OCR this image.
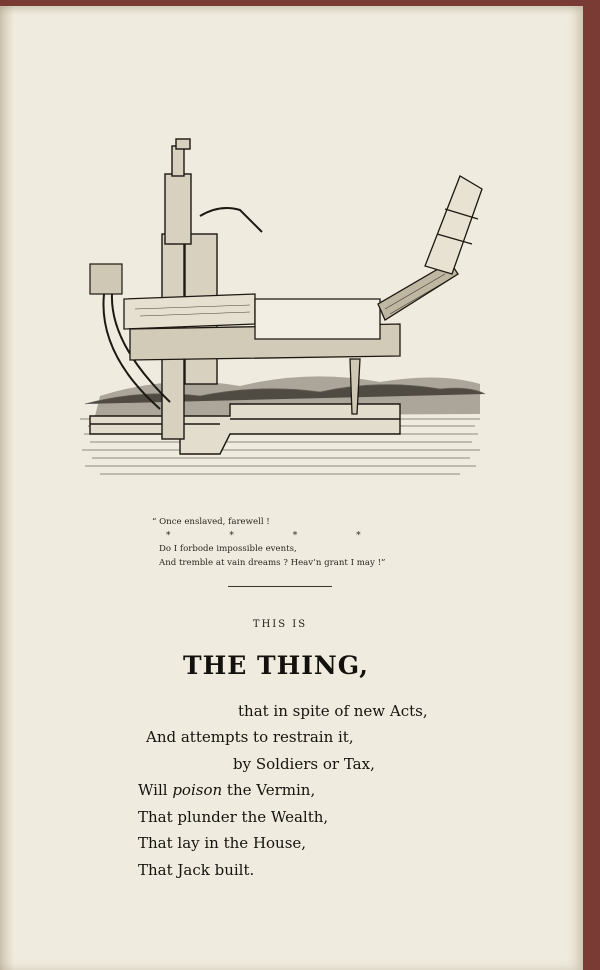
“ Once enslaved, farewell !
* * * *
Do I forbode impossible events,
And tremble at vain dreams ? Heav’n grant I may !”
THIS IS
THE THING,
that in spite of new Acts,
And attempts to restrain it,
by Soldiers or Tax,
Will poison the Vermin,
That plunder the Wealth,
That lay in the House,
That Jack built.
